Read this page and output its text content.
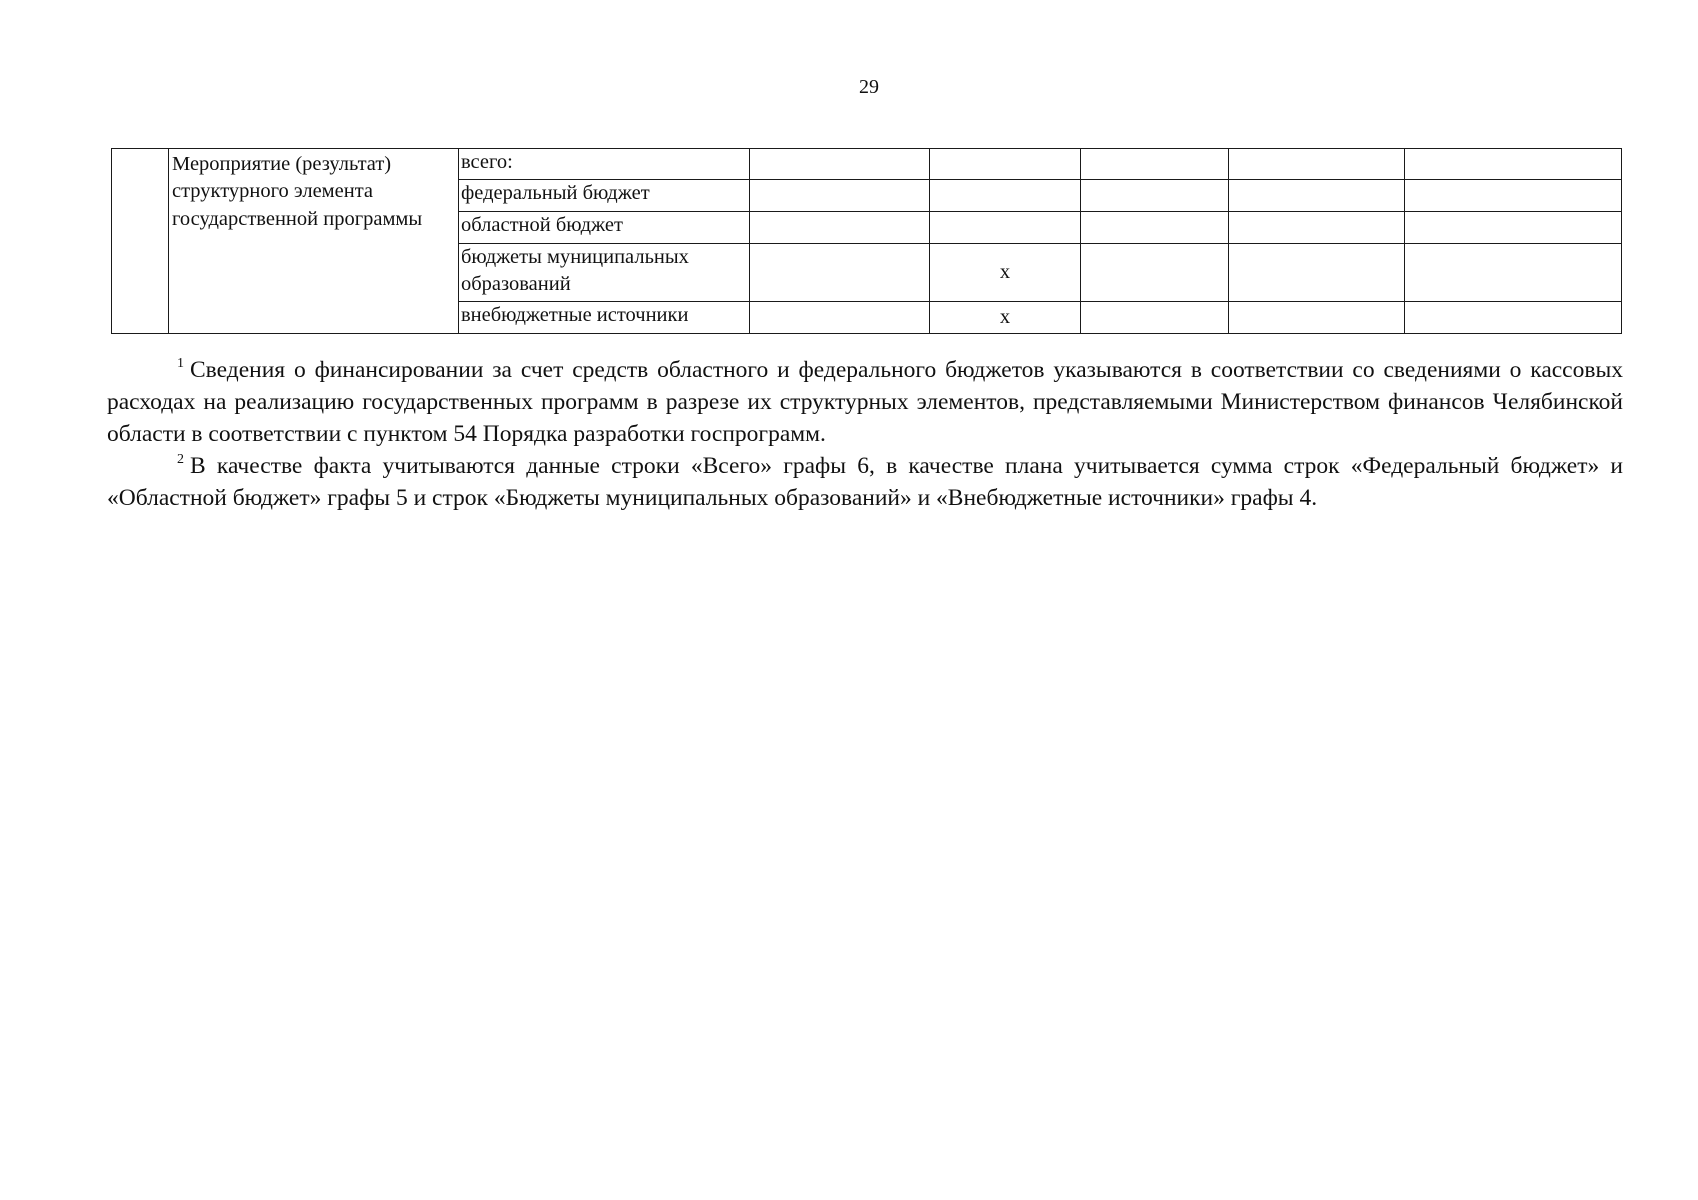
29
	Мероприятие (результат) структурного элемента государственной программы	всего:					
		федеральный бюджет					
		областной бюджет					
		бюджеты муниципальных образований		x			
		внебюджетные источники		x			

$^1$ Сведения о финансировании за счет средств областного и федерального бюджетов указываются в соответствии со сведениями о кассовых расходах на реализацию государственных программ в разрезе их структурных элементов, представляемыми Министерством финансов Челябинской области в соответствии с пунктом 54 Порядка разработки госпрограмм.

$^2$ В качестве факта учитываются данные строки «Всего» графы 6, в качестве плана учитывается сумма строк «Федеральный бюджет» и «Областной бюджет» графы 5 и строк «Бюджеты муниципальных образований» и «Внебюджетные источники» графы 4.
